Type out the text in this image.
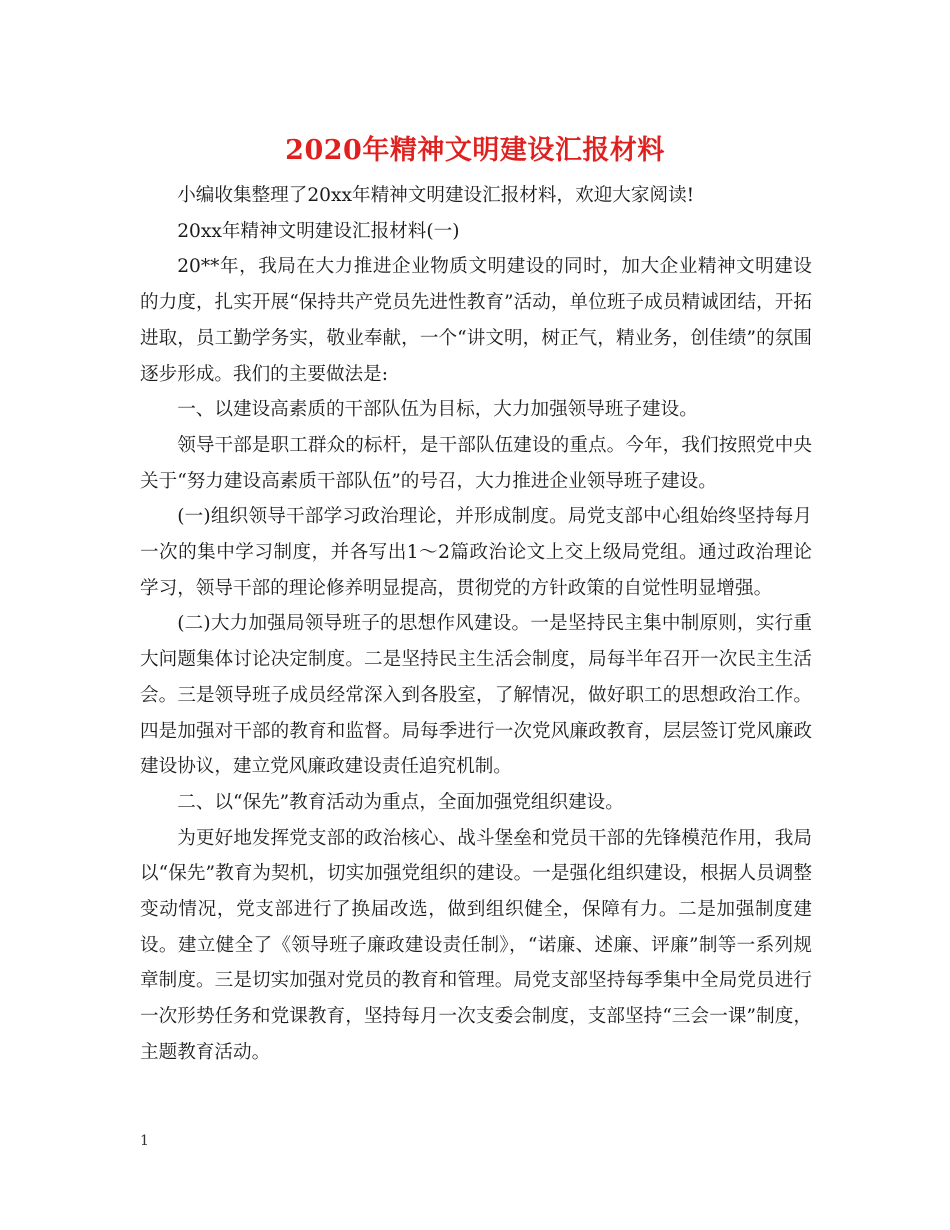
2020年精神文明建设汇报材料

小编收集整理了20xx年精神文明建设汇报材料，欢迎大家阅读!

20xx年精神文明建设汇报材料(一)

20**年，我局在大力推进企业物质文明建设的同时，加大企业精神文明建设的力度，扎实开展“保持共产党员先进性教育”活动，单位班子成员精诚团结，开拓进取，员工勤学务实，敬业奉献，一个“讲文明，树正气，精业务，创佳绩”的氛围逐步形成。我们的主要做法是:

一、以建设高素质的干部队伍为目标，大力加强领导班子建设。

领导干部是职工群众的标杆，是干部队伍建设的重点。今年，我们按照党中央关于“努力建设高素质干部队伍”的号召，大力推进企业领导班子建设。

(一)组织领导干部学习政治理论，并形成制度。局党支部中心组始终坚持每月一次的集中学习制度，并各写出1～2篇政治论文上交上级局党组。通过政治理论学习，领导干部的理论修养明显提高，贯彻党的方针政策的自觉性明显增强。

(二)大力加强局领导班子的思想作风建设。一是坚持民主集中制原则，实行重大问题集体讨论决定制度。二是坚持民主生活会制度，局每半年召开一次民主生活会。三是领导班子成员经常深入到各股室，了解情况，做好职工的思想政治工作。四是加强对干部的教育和监督。局每季进行一次党风廉政教育，层层签订党风廉政建设协议，建立党风廉政建设责任追究机制。

二、以“保先”教育活动为重点，全面加强党组织建设。

为更好地发挥党支部的政治核心、战斗堡垒和党员干部的先锋模范作用，我局以“保先”教育为契机，切实加强党组织的建设。一是强化组织建设，根据人员调整变动情况，党支部进行了换届改选，做到组织健全，保障有力。二是加强制度建设。建立健全了《领导班子廉政建设责任制》，“诺廉、述廉、评廉”制等一系列规章制度。三是切实加强对党员的教育和管理。局党支部坚持每季集中全局党员进行一次形势任务和党课教育，坚持每月一次支委会制度，支部坚持“三会一课”制度，主题教育活动。

1
